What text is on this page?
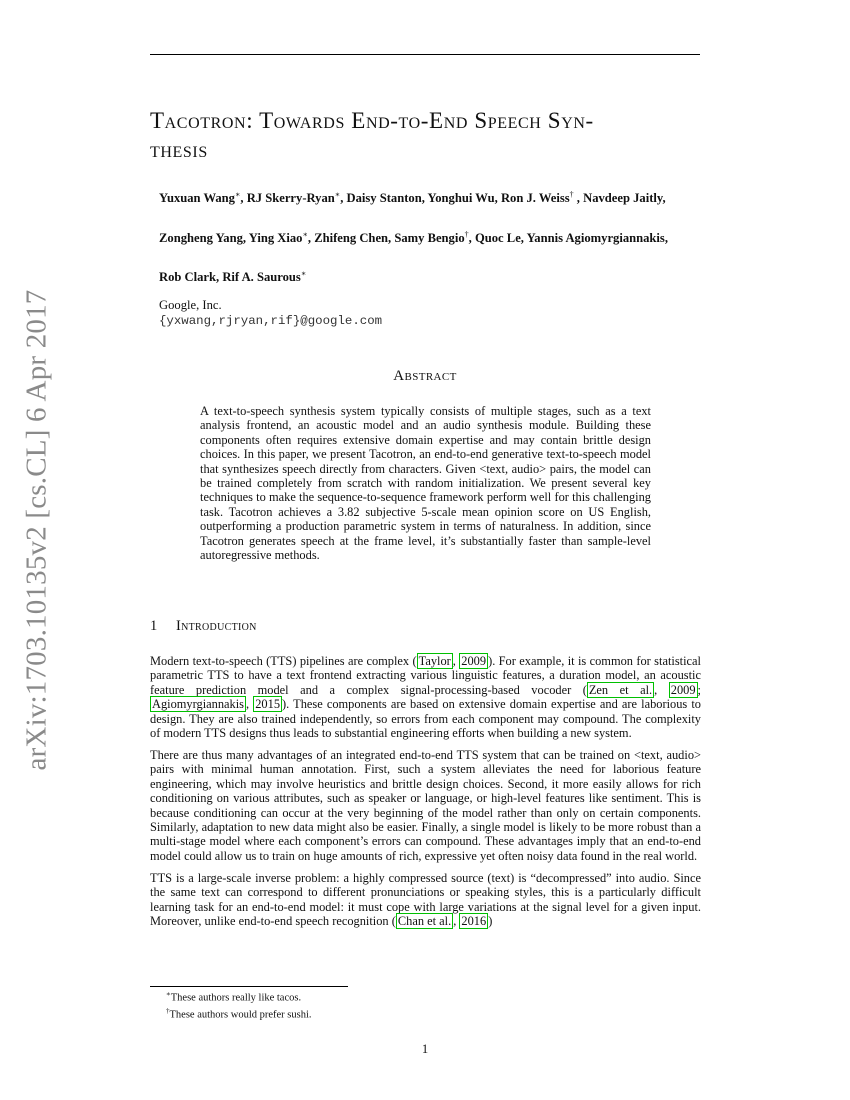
arXiv:1703.10135v2 [cs.CL] 6 Apr 2017
Tacotron: Towards End-to-End Speech Syn-
thesis
Yuxuan Wang∗, RJ Skerry-Ryan∗, Daisy Stanton, Yonghui Wu, Ron J. Weiss† , Navdeep Jaitly,
Zongheng Yang, Ying Xiao∗, Zhifeng Chen, Samy Bengio†, Quoc Le, Yannis Agiomyrgiannakis,
Rob Clark, Rif A. Saurous∗
Google, Inc.
{yxwang,rjryan,rif}@google.com
Abstract

A text-to-speech synthesis system typically consists of multiple stages, such as a text analysis frontend, an acoustic model and an audio synthesis module. Building these components often requires extensive domain expertise and may contain brittle design choices. In this paper, we present Tacotron, an end-to-end generative text-to-speech model that synthesizes speech directly from characters. Given <text, audio> pairs, the model can be trained completely from scratch with random initialization. We present several key techniques to make the sequence-to-sequence framework perform well for this challenging task. Tacotron achieves a 3.82 subjective 5-scale mean opinion score on US English, outperforming a production parametric system in terms of naturalness. In addition, since Tacotron generates speech at the frame level, it’s substantially faster than sample-level autoregressive methods.

1 Introduction

Modern text-to-speech (TTS) pipelines are complex ( Taylor , 2009 ). For example, it is common for statistical parametric TTS to have a text frontend extracting various linguistic features, a duration model, an acoustic feature prediction model and a complex signal-processing-based vocoder ( Zen et al. , 2009 ; Agiomyrgiannakis , 2015 ). These components are based on extensive domain expertise and are laborious to design. They are also trained independently, so errors from each component may compound. The complexity of modern TTS designs thus leads to substantial engineering efforts when building a new system.

There are thus many advantages of an integrated end-to-end TTS system that can be trained on <text, audio> pairs with minimal human annotation. First, such a system alleviates the need for laborious feature engineering, which may involve heuristics and brittle design choices. Second, it more easily allows for rich conditioning on various attributes, such as speaker or language, or high-level features like sentiment. This is because conditioning can occur at the very beginning of the model rather than only on certain components. Similarly, adaptation to new data might also be easier. Finally, a single model is likely to be more robust than a multi-stage model where each component’s errors can compound. These advantages imply that an end-to-end model could allow us to train on huge amounts of rich, expressive yet often noisy data found in the real world.

TTS is a large-scale inverse problem: a highly compressed source (text) is “decompressed” into audio. Since the same text can correspond to different pronunciations or speaking styles, this is a particularly difficult learning task for an end-to-end model: it must cope with large variations at the signal level for a given input. Moreover, unlike end-to-end speech recognition ( Chan et al. , 2016 )

∗These authors really like tacos.
†These authors would prefer sushi.
1
